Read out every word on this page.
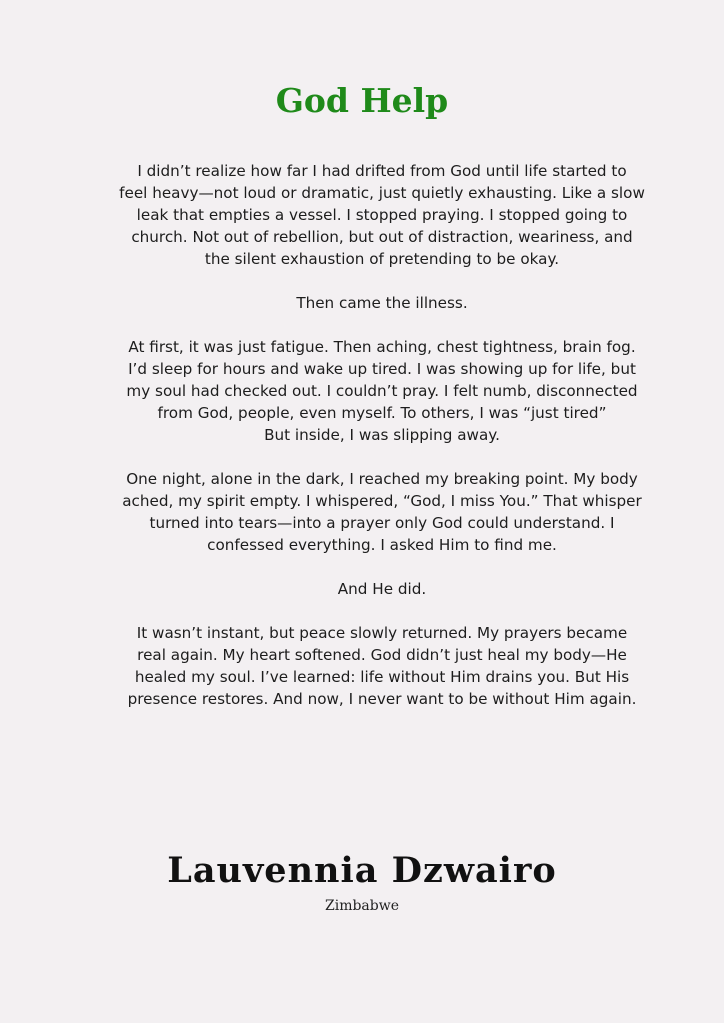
God Help

I didn’t realize how far I had drifted from God until life started to
feel heavy—not loud or dramatic, just quietly exhausting. Like a slow
leak that empties a vessel. I stopped praying. I stopped going to
church. Not out of rebellion, but out of distraction, weariness, and
the silent exhaustion of pretending to be okay.

Then came the illness.

At first, it was just fatigue. Then aching, chest tightness, brain fog.
I’d sleep for hours and wake up tired. I was showing up for life, but
my soul had checked out. I couldn’t pray. I felt numb, disconnected
from God, people, even myself. To others, I was “just tired”
But inside, I was slipping away.

One night, alone in the dark, I reached my breaking point. My body
ached, my spirit empty. I whispered, “God, I miss You.” That whisper
turned into tears—into a prayer only God could understand. I
confessed everything. I asked Him to find me.

And He did.

It wasn’t instant, but peace slowly returned. My prayers became
real again. My heart softened. God didn’t just heal my body—He
healed my soul. I’ve learned: life without Him drains you. But His
presence restores. And now, I never want to be without Him again.

Lauvennia Dzwairo
Zimbabwe
